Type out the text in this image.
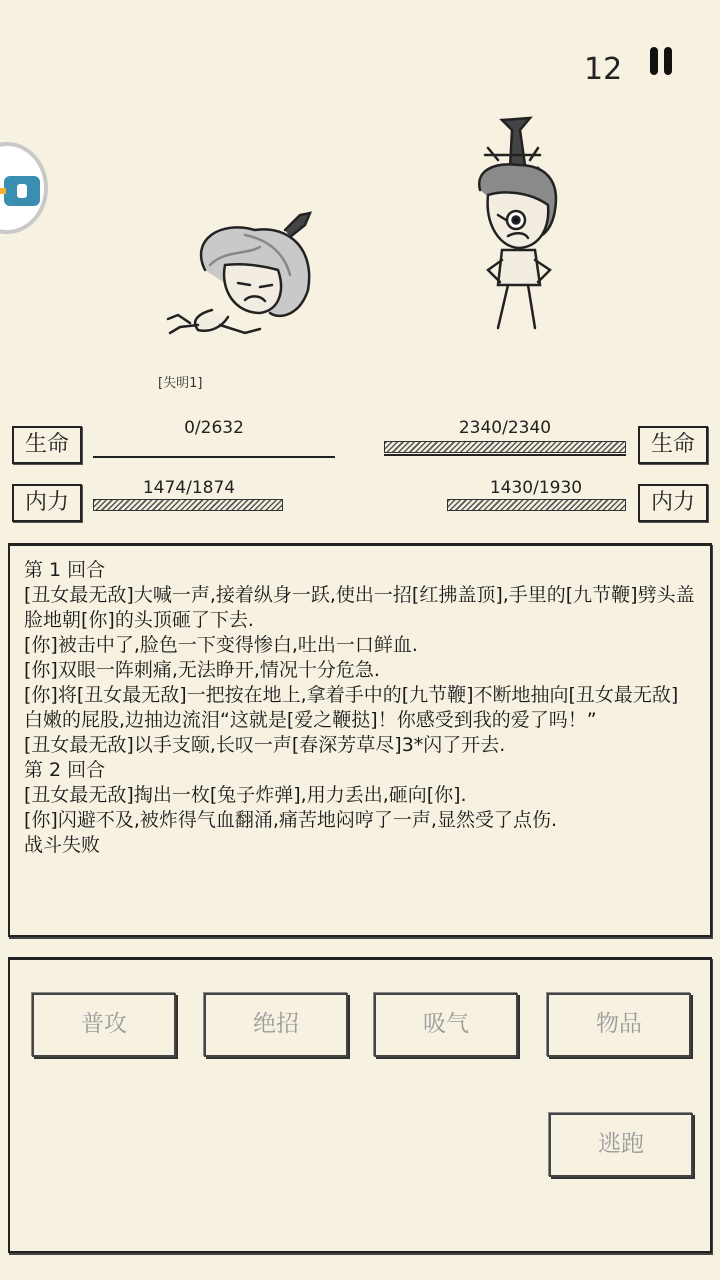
12
[失明1]
生命
0/2632	2340/2340
生命
内力
1474/1874	1430/1930
内力

第 1 回合

[丑女最无敌]大喊一声,接着纵身一跃,使出一招[红拂盖顶],手里的[九节鞭]劈头盖脸地朝[你]的头顶砸了下去.

[你]被击中了,脸色一下变得惨白,吐出一口鲜血.

[你]双眼一阵刺痛,无法睁开,情况十分危急.

[你]将[丑女最无敌]一把按在地上,拿着手中的[九节鞭]不断地抽向[丑女最无敌]白嫩的屁股,边抽边流泪“这就是[爱之鞭挞]！你感受到我的爱了吗！”

[丑女最无敌]以手支颐,长叹一声[春深芳草尽]3*闪了开去.

第 2 回合

[丑女最无敌]掏出一枚[兔子炸弹],用力丢出,砸向[你].

[你]闪避不及,被炸得气血翻涌,痛苦地闷哼了一声,显然受了点伤.

战斗失败

普攻	绝招	吸气	物品
逃跑
